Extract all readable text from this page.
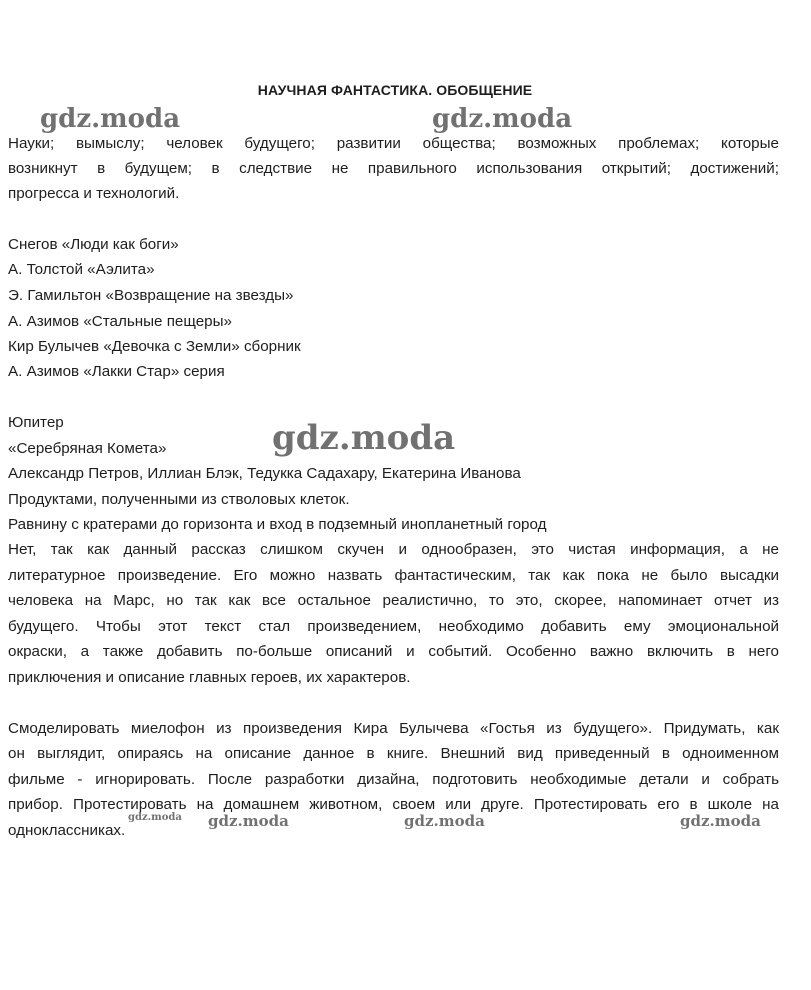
НАУЧНАЯ ФАНТАСТИКА. ОБОБЩЕНИЕ
Науки; вымыслу; человек будущего; развитии общества; возможных проблемах; которые
возникнут в будущем; в следствие не правильного использования открытий; достижений;
прогресса и технологий.
Снегов «Люди как боги»
А. Толстой «Аэлита»
Э. Гамильтон «Возвращение на звезды»
А. Азимов «Стальные пещеры»
Кир Булычев «Девочка с Земли» сборник
А. Азимов «Лакки Стар» серия
Юпитер
«Серебряная Комета»
Александр Петров, Иллиан Блэк, Тедукка Садахару, Екатерина Иванова
Продуктами, полученными из стволовых клеток.
Равнину с кратерами до горизонта и вход в подземный инопланетный город
Нет, так как данный рассказ слишком скучен и однообразен, это чистая информация, а не
литературное произведение. Его можно назвать фантастическим, так как пока не было высадки
человека на Марс, но так как все остальное реалистично, то это, скорее, напоминает отчет из
будущего. Чтобы этот текст стал произведением, необходимо добавить ему эмоциональной
окраски, а также добавить по-больше описаний и событий. Особенно важно включить в него
приключения и описание главных героев, их характеров.
Смоделировать миелофон из произведения Кира Булычева «Гостья из будущего». Придумать, как
он выглядит, опираясь на описание данное в книге. Внешний вид приведенный в одноименном
фильме - игнорировать. После разработки дизайна, подготовить необходимые детали и собрать
прибор. Протестировать на домашнем животном, своем или друге. Протестировать его в школе на
одноклассниках.
gdz.moda	gdz.moda
gdz.moda
gdz.moda gdz.moda	gdz.moda	gdz.moda
